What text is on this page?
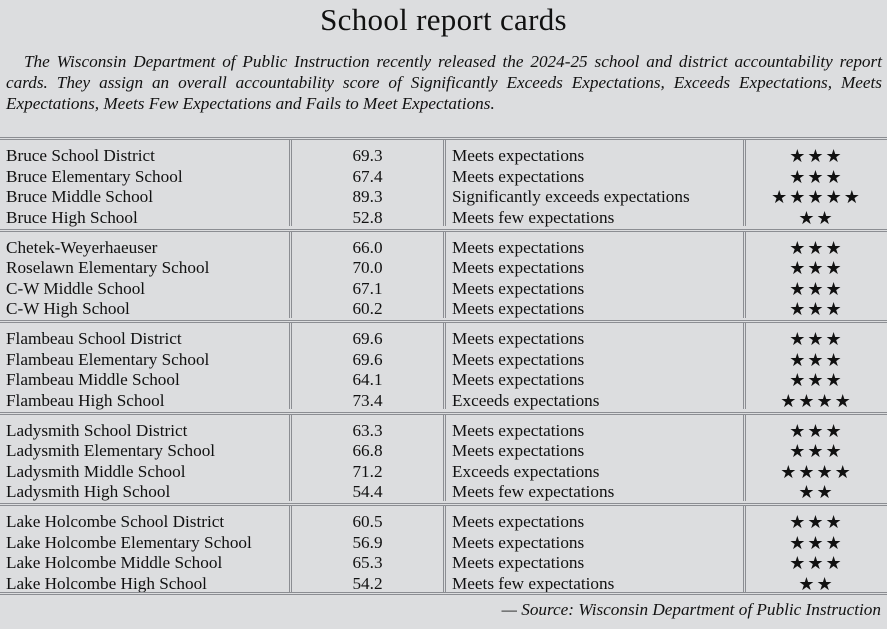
School report cards
The Wisconsin Department of Public Instruction recently released the 2024-25 school and district accountability report cards. They assign an overall accountability score of Significantly Exceeds Expectations, Exceeds Expectations, Meets Expectations, Meets Few Expectations and Fails to Meet Expectations.
Bruce School District	69.3	Meets expectations	★★★
Bruce Elementary School	67.4	Meets expectations	★★★
Bruce Middle School	89.3	Significantly exceeds expectations	★★★★★
Bruce High School	52.8	Meets few expectations	★★
Chetek-Weyerhaeuser	66.0	Meets expectations	★★★
Roselawn Elementary School	70.0	Meets expectations	★★★
C-W Middle School	67.1	Meets expectations	★★★
C-W High School	60.2	Meets expectations	★★★
Flambeau School District	69.6	Meets expectations	★★★
Flambeau Elementary School	69.6	Meets expectations	★★★
Flambeau Middle School	64.1	Meets expectations	★★★
Flambeau High School	73.4	Exceeds expectations	★★★★
Ladysmith School District	63.3	Meets expectations	★★★
Ladysmith Elementary School	66.8	Meets expectations	★★★
Ladysmith Middle School	71.2	Exceeds expectations	★★★★
Ladysmith High School	54.4	Meets few expectations	★★
Lake Holcombe School District	60.5	Meets expectations	★★★
Lake Holcombe Elementary School	56.9	Meets expectations	★★★
Lake Holcombe Middle School	65.3	Meets expectations	★★★
Lake Holcombe High School	54.2	Meets few expectations	★★
— Source: Wisconsin Department of Public Instruction
